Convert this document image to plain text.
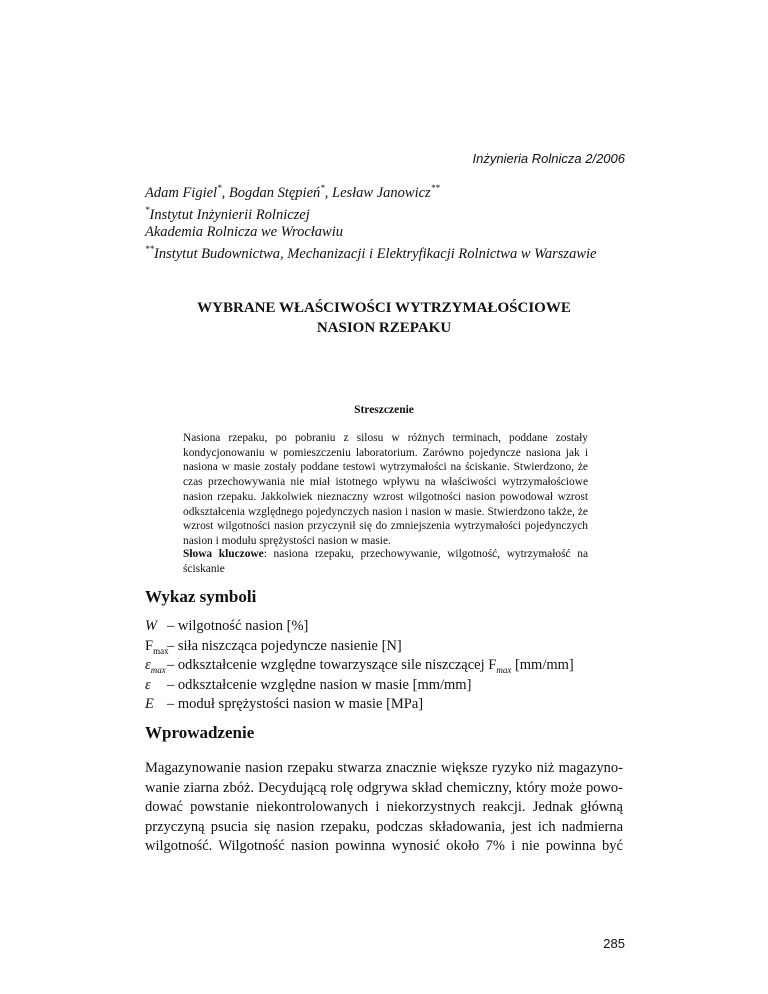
Inżynieria Rolnicza 2/2006
Adam Figiel*, Bogdan Stępień*, Lesław Janowicz**
*Instytut Inżynierii Rolniczej
Akademia Rolnicza we Wrocławiu
**Instytut Budownictwa, Mechanizacji i Elektryfikacji Rolnictwa w Warszawie
WYBRANE WŁAŚCIWOŚCI WYTRZYMAŁOŚCIOWE
NASION RZEPAKU
Streszczenie
Nasiona rzepaku, po pobraniu z silosu w różnych terminach, poddane zostały kondycjonowaniu w pomieszczeniu laboratorium. Zarówno pojedyncze nasiona jak i nasiona w masie zostały poddane testowi wytrzymałości na ściskanie. Stwierdzono, że czas przechowywania nie miał istotnego wpływu na właściwości wytrzymałościowe nasion rzepaku. Jakkolwiek nieznaczny wzrost wilgotności nasion powodował wzrost odkształcenia względnego pojedynczych nasion i nasion w masie. Stwierdzono także, że wzrost wilgotności nasion przyczynił się do zmniejszenia wytrzymałości pojedynczych nasion i modułu sprężystości nasion w masie.
Słowa kluczowe: nasiona rzepaku, przechowywanie, wilgotność, wytrzymałość na ściskanie
Wykaz symboli
W – wilgotność nasion [%]
$F_{max}$
– siła niszcząca pojedyncze nasienie [N]
$\varepsilon_{max}$ – odkształcenie względne towarzyszące sile niszczącej $F_{max}$ [mm/mm]
ε	– odkształcenie względne nasion w masie [mm/mm]
E – moduł sprężystości nasion w masie [MPa]
Wprowadzenie
Magazynowanie nasion rzepaku stwarza znacznie większe ryzyko niż magazyno-
wanie ziarna zbóż. Decydującą rolę odgrywa skład chemiczny, który może powo-
dować powstanie niekontrolowanych i niekorzystnych reakcji. Jednak główną
przyczyną psucia się nasion rzepaku, podczas składowania, jest ich nadmierna
wilgotność. Wilgotność nasion powinna wynosić około 7% i nie powinna być
285
